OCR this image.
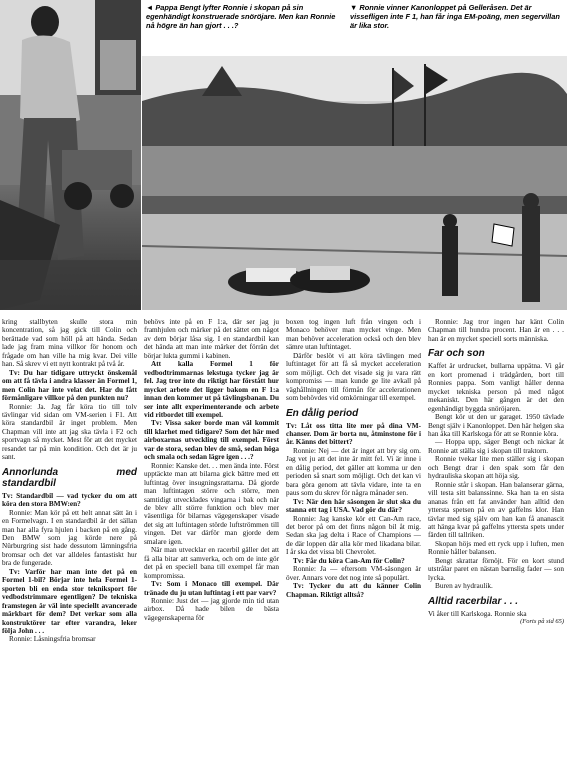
◄ Pappa Bengt lyfter Ronnie i skopan på sin egenhändigt konstruerade snöröjare. Men kan Ronnie nå högre än han gjort . . .?
▼ Ronnie vinner Kanonloppet på Gelleråsen. Det är vissefligen inte F 1, han får inga EM-poäng, men segervillan är lika stor.

kring stallbyten skulle stora min koncentration, så jag gick till Colin och berättade vad som höll på att hända. Sedan lade jag fram mina villkor för honom och frågade om han ville ha mig kvar. Dei ville han. Så skrev vi ett nytt kontrakt på två år.

Tv: Du har tidigare uttryckt önskemål om att få tävla i andra klasser än Formel 1, men Colin har inte velat det. Har du fått förmånligare villkor på den punkten nu?

Ronnie: Ja. Jag får köra tio till tolv tävlingar vid sidan om VM-serien i F1. Att köra standardbil är inget problem. Men Chapman vill inte att jag ska tävla i F2 och sportvagn så mycket. Mest för att det mycket resandet tar på min kondition. Och det är ju sant.

Annorlunda med standardbil

Tv: Standardbil — vad tycker du om att köra den stora BMW:en?

Ronnie: Man kör på ett helt annat sätt än i en Formelvagn. I en standardbil är det sällan man har alla fyra hjulen i backen på en gång. Den BMW som jag körde nere på Nürburgring sist hade dessutom lämningsfria bromsar och det var alldeles fantastiskt hur bra de fungerade.

Tv: Varför har man inte det på en Formel 1-bil? Börjar inte hela Formel 1-sporten bli en enda stor tekniksport för vedbodstrimmare egentligen? De tekniska framstegen är väl inte speciellt avancerade märkbart för dem? Det verkar som alla konstruktörer tar efter varandra, leker följa John . . .

Ronnie: Låsningsfria bromsar

behövs inte på en F 1:a, där ser jag ju framhjulen och märker på det sättet om något av dem börjar låsa sig. I en standardbil kan det hända att man inte märker det förrän det börjar lukta gummi i kabinen.

Att kalla Formel 1 för vedbodtrimmarnas lekstuga tycker jag är fel. Jag tror inte du riktigt har förstått hur mycket arbete det ligger bakom en F 1:a innan den kommer ut på tävlingsbanan. Du ser inte allt experimenterande och arbete vid ritbordet till exempel.

Tv: Vissa saker borde man väl kommit till klarhet med tidigare? Som det här med airboxarnas utveckling till exempel. Först var de stora, sedan blev de små, sedan höga och smala och sedan lägre igen . . .?

Ronnie: Kanske det. . . men ända inte. Först upptäckte man att bilarna gick bättre med ett luftintag över insugningsrattarna. Då gjorde man luftintagen större och större, men samtidigt utvecklades vingarna i bak och när de blev allt större funktion och blev mer väsentliga för bilarnas vägegenskaper visade det sig att luftintagen störde luftströmmen till vingen. Det var därför man gjorde dem smalare igen.

När man utvecklar en racerbil gäller det att få alla bitar att samverka, och om de inte gör det på en speciell bana till exempel får man kompromissa.

Tv: Som i Monaco till exempel. Där tränade du ju utan luftintag i ett par varv?

Ronnie: Just det — jag gjorde min tid utan airbox. Då hade bilen de bästa vägegenskaperna för

boxen tog ingen luft från vingen och i Monaco behöver man mycket vinge. Men man behöver acceleration också och den blev sämre utan luftintaget.

Därför beslöt vi att köra tävlingen med luftintaget för att få så mycket acceleration som möjligt. Och det visade sig ju vara rätt kompromiss — man kunde ge lite avkall på väghållningen till förmån för accelerationen som behövdes vid omkörningar till exempel.

En dålig period

Tv: Låt oss titta lite mer på dina VM-chanser. Dom är borta nu, åtminstone för i år. Känns det bittert?

Ronnie: Nej — det är inget att bry sig om. Jag vet ju att det inte är mitt fel. Vi är inne i en dålig period, det gäller att komma ur den perioden så snart som möjligt. Och det kan vi bara göra genom att tävla vidare, inte ta en paus som du skrev för några månader sen.

Tv: När den här säsongen är slut ska du stanna ett tag i USA. Vad gör du där?

Ronnie: Jag kanske kör ett Can-Am race, det beror på om det finns någon bil åt mig. Sedan ska jag delta i Race of Champions — de där loppen där alla kör med likadana bilar. I år ska det vissa bli Chevrolet.

Tv: Får du köra Can-Am för Colin?

Ronnie: Ja — eftersom VM-säsongen är över. Annars vore det nog inte så populärt.

Tv: Tycker du att du känner Colin Chapman. Riktigt alltså?

Ronnie: Jag tror ingen har känt Colin Chapman till hundra procent. Han är en . . . han är en mycket speciell sorts människa.

Far och son

Kaffet är urdrucket, bullarna uppätna. Vi går en kort promenad i trädgården, bort till Ronnies pappa. Som vanligt håller denna mycket tekniska person på med något mekaniskt. Den här gången är det den egenhändigt byggda snöröjaren.

Bengt kör ut den ur garaget. 1950 tävlade Bengt själv i Kanonloppet. Den här helgen ska han åka till Karlskoga för att se Ronnie köra.

— Hoppa upp, säger Bengt och nickar åt Ronnie att ställa sig i skopan till traktorn.

Ronnie tvekar lite men ställer sig i skopan och Bengt drar i den spak som får den hydrauliska skopan att höja sig.

Ronnie står i skopan. Han balanserar gärna, vill testa sitt balanssinne. Ska han ta en sista ananas från ett fat använder han alltid den yttersta spetsen på en av gaffelns klor. Han tävlar med sig själv om han kan få ananascit att hänga kvar på gaffelns yttersta spets under färden till tallriken.

Skopan höjs med ett ryck upp i luften, men Ronnie håller balansen.

Bengt skrattar förnöjt. För en kort stund utstrålar paret en nästan barnslig fader — son lycka.

Buren av hydraulik.

Alltid racerbilar . . .

Vi åker till Karlskoga. Ronnie ska

(Forts på sid 65)
